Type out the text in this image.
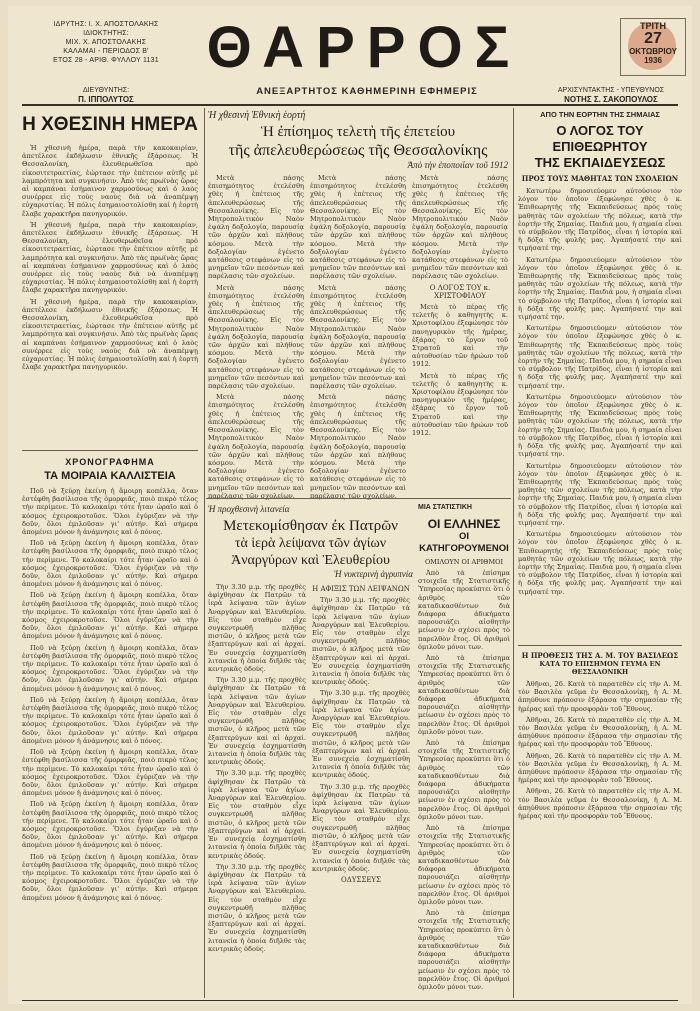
ΙΔΡΥΤΗΣ: Ι. Χ. ΑΠΟΣΤΟΛΑΚΗΣ
ΙΔΙΟΚΤΗΤΗΣ:
ΜΙΧ. Χ. ΑΠΟΣΤΟΛΑΚΗΣ
ΚΑΛΑΜΑΙ - ΠΕΡΙΟΔΟΣ Β'
ΕΤΟΣ 28 - ΑΡΙΘ. ΦΥΛΛΟΥ 1131 ΘΑΡΡΟΣ	ΤΡΙΤΗ
27
ΟΚΤΩΒΡΙΟΥ
1936
ΔΙΕΥΘΥΝΤΗΣ:
Π. ΙΠΠΟΛΥΤΟΣ
ΑΝΕΞΑΡΤΗΤΟΣ ΚΑΘΗΜΕΡΙΝΗ ΕΦΗΜΕΡΙΣ	ΑΡΧΙΣΥΝΤΑΚΤΗΣ - ΥΠΕΥΘΥΝΟΣ
ΝΟΤΗΣ Σ. ΣΑΚΟΠΟΥΛΟΣ
Η ΧΘΕΣΙΝΗ ΗΜΕΡΑ

Ἡ χθεσινὴ ἡμέρα, παρὰ τὴν κακοκαιρίαν, ἀπετέλεσε ἐκδήλωσιν ἐθνικῆς ἐξάρσεως. Ἡ Θεσσαλονίκη, ἐλευθερωθεῖσα πρὸ εἰκοσιτετραετίας, ἑώρτασε τὴν ἐπέτειον αὐτῆς μὲ λαμπρότητα καὶ συγκινήσιν. Ἀπὸ τὰς πρωϊνὰς ὥρας αἱ καμπάναι ἐσήμαινον χαρμοσύνως καὶ ὁ λαὸς συνέρρεε εἰς τοὺς ναοὺς διὰ νὰ ἀναπέμψῃ εὐχαριστίας. Ἡ πόλις ἐσημαιοστολίσθη καὶ ἡ ἑορτὴ ἔλαβε χαρακτῆρα πανηγυρικόν.

Ἡ χθεσινὴ ἡμέρα, παρὰ τὴν κακοκαιρίαν, ἀπετέλεσε ἐκδήλωσιν ἐθνικῆς ἐξάρσεως. Ἡ Θεσσαλονίκη, ἐλευθερωθεῖσα πρὸ εἰκοσιτετραετίας, ἑώρτασε τὴν ἐπέτειον αὐτῆς μὲ λαμπρότητα καὶ συγκινήσιν. Ἀπὸ τὰς πρωϊνὰς ὥρας αἱ καμπάναι ἐσήμαινον χαρμοσύνως καὶ ὁ λαὸς συνέρρεε εἰς τοὺς ναοὺς διὰ νὰ ἀναπέμψῃ εὐχαριστίας. Ἡ πόλις ἐσημαιοστολίσθη καὶ ἡ ἑορτὴ ἔλαβε χαρακτῆρα πανηγυρικόν.

Ἡ χθεσινὴ ἡμέρα, παρὰ τὴν κακοκαιρίαν, ἀπετέλεσε ἐκδήλωσιν ἐθνικῆς ἐξάρσεως. Ἡ Θεσσαλονίκη, ἐλευθερωθεῖσα πρὸ εἰκοσιτετραετίας, ἑώρτασε τὴν ἐπέτειον αὐτῆς μὲ λαμπρότητα καὶ συγκινήσιν. Ἀπὸ τὰς πρωϊνὰς ὥρας αἱ καμπάναι ἐσήμαινον χαρμοσύνως καὶ ὁ λαὸς συνέρρεε εἰς τοὺς ναοὺς διὰ νὰ ἀναπέμψῃ εὐχαριστίας. Ἡ πόλις ἐσημαιοστολίσθη καὶ ἡ ἑορτὴ ἔλαβε χαρακτῆρα πανηγυρικόν.

ΧΡΟΝΟΓΡΑΦΗΜΑ
ΤΑ ΜΟΙΡΑΙΑ ΚΑΛΛΙΣΤΕΙΑ

Ποῦ νὰ ξεύρῃ ἐκείνη ἡ ἄμοιρη κοπέλλα, ὅταν ἐστέφθη βασίλισσα τῆς ὀμορφιᾶς, ποιὸ πικρὸ τέλος τὴν περίμενε. Τὸ καλοκαίρι τότε ἦταν ὡραῖο καὶ ὁ κόσμος ἐχειροκροτοῦσε. Ὅλοι ἐγύριζαν νὰ τὴν δοῦν, ὅλοι ἐμιλοῦσαν γι' αὐτήν. Καὶ σήμερα ἀπομένει μόνον ἡ ἀνάμνησις καὶ ὁ πόνος.

Ποῦ νὰ ξεύρῃ ἐκείνη ἡ ἄμοιρη κοπέλλα, ὅταν ἐστέφθη βασίλισσα τῆς ὀμορφιᾶς, ποιὸ πικρὸ τέλος τὴν περίμενε. Τὸ καλοκαίρι τότε ἦταν ὡραῖο καὶ ὁ κόσμος ἐχειροκροτοῦσε. Ὅλοι ἐγύριζαν νὰ τὴν δοῦν, ὅλοι ἐμιλοῦσαν γι' αὐτήν. Καὶ σήμερα ἀπομένει μόνον ἡ ἀνάμνησις καὶ ὁ πόνος.

Ποῦ νὰ ξεύρῃ ἐκείνη ἡ ἄμοιρη κοπέλλα, ὅταν ἐστέφθη βασίλισσα τῆς ὀμορφιᾶς, ποιὸ πικρὸ τέλος τὴν περίμενε. Τὸ καλοκαίρι τότε ἦταν ὡραῖο καὶ ὁ κόσμος ἐχειροκροτοῦσε. Ὅλοι ἐγύριζαν νὰ τὴν δοῦν, ὅλοι ἐμιλοῦσαν γι' αὐτήν. Καὶ σήμερα ἀπομένει μόνον ἡ ἀνάμνησις καὶ ὁ πόνος.

Ποῦ νὰ ξεύρῃ ἐκείνη ἡ ἄμοιρη κοπέλλα, ὅταν ἐστέφθη βασίλισσα τῆς ὀμορφιᾶς, ποιὸ πικρὸ τέλος τὴν περίμενε. Τὸ καλοκαίρι τότε ἦταν ὡραῖο καὶ ὁ κόσμος ἐχειροκροτοῦσε. Ὅλοι ἐγύριζαν νὰ τὴν δοῦν, ὅλοι ἐμιλοῦσαν γι' αὐτήν. Καὶ σήμερα ἀπομένει μόνον ἡ ἀνάμνησις καὶ ὁ πόνος.

Ποῦ νὰ ξεύρῃ ἐκείνη ἡ ἄμοιρη κοπέλλα, ὅταν ἐστέφθη βασίλισσα τῆς ὀμορφιᾶς, ποιὸ πικρὸ τέλος τὴν περίμενε. Τὸ καλοκαίρι τότε ἦταν ὡραῖο καὶ ὁ κόσμος ἐχειροκροτοῦσε. Ὅλοι ἐγύριζαν νὰ τὴν δοῦν, ὅλοι ἐμιλοῦσαν γι' αὐτήν. Καὶ σήμερα ἀπομένει μόνον ἡ ἀνάμνησις καὶ ὁ πόνος.

Ποῦ νὰ ξεύρῃ ἐκείνη ἡ ἄμοιρη κοπέλλα, ὅταν ἐστέφθη βασίλισσα τῆς ὀμορφιᾶς, ποιὸ πικρὸ τέλος τὴν περίμενε. Τὸ καλοκαίρι τότε ἦταν ὡραῖο καὶ ὁ κόσμος ἐχειροκροτοῦσε. Ὅλοι ἐγύριζαν νὰ τὴν δοῦν, ὅλοι ἐμιλοῦσαν γι' αὐτήν. Καὶ σήμερα ἀπομένει μόνον ἡ ἀνάμνησις καὶ ὁ πόνος.

Ποῦ νὰ ξεύρῃ ἐκείνη ἡ ἄμοιρη κοπέλλα, ὅταν ἐστέφθη βασίλισσα τῆς ὀμορφιᾶς, ποιὸ πικρὸ τέλος τὴν περίμενε. Τὸ καλοκαίρι τότε ἦταν ὡραῖο καὶ ὁ κόσμος ἐχειροκροτοῦσε. Ὅλοι ἐγύριζαν νὰ τὴν δοῦν, ὅλοι ἐμιλοῦσαν γι' αὐτήν. Καὶ σήμερα ἀπομένει μόνον ἡ ἀνάμνησις καὶ ὁ πόνος.

Ποῦ νὰ ξεύρῃ ἐκείνη ἡ ἄμοιρη κοπέλλα, ὅταν ἐστέφθη βασίλισσα τῆς ὀμορφιᾶς, ποιὸ πικρὸ τέλος τὴν περίμενε. Τὸ καλοκαίρι τότε ἦταν ὡραῖο καὶ ὁ κόσμος ἐχειροκροτοῦσε. Ὅλοι ἐγύριζαν νὰ τὴν δοῦν, ὅλοι ἐμιλοῦσαν γι' αὐτήν. Καὶ σήμερα ἀπομένει μόνον ἡ ἀνάμνησις καὶ ὁ πόνος.

Ἡ χθεσινὴ Ἐθνικὴ ἑορτή
Ἡ ἐπίσημος τελετὴ τῆς ἐπετείου
τῆς ἀπελευθερώσεως τῆς Θεσσαλονίκης
Ἀπὸ τὴν ἐποποιΐαν τοῦ 1912

Μετὰ πάσης ἐπισημότητος ἐτελέσθη χθὲς ἡ ἐπέτειος τῆς ἀπελευθερώσεως τῆς Θεσσαλονίκης. Εἰς τὸν Μητροπολιτικὸν Ναὸν ἐψάλη δοξολογία, παρουσίᾳ τῶν ἀρχῶν καὶ πλήθους κόσμου. Μετὰ τὴν δοξολογίαν ἐγένετο κατάθεσις στεφάνων εἰς τὸ μνημεῖον τῶν πεσόντων καὶ παρέλασις τῶν σχολείων.

Μετὰ πάσης ἐπισημότητος ἐτελέσθη χθὲς ἡ ἐπέτειος τῆς ἀπελευθερώσεως τῆς Θεσσαλονίκης. Εἰς τὸν Μητροπολιτικὸν Ναὸν ἐψάλη δοξολογία, παρουσίᾳ τῶν ἀρχῶν καὶ πλήθους κόσμου. Μετὰ τὴν δοξολογίαν ἐγένετο κατάθεσις στεφάνων εἰς τὸ μνημεῖον τῶν πεσόντων καὶ παρέλασις τῶν σχολείων.

Μετὰ πάσης ἐπισημότητος ἐτελέσθη χθὲς ἡ ἐπέτειος τῆς ἀπελευθερώσεως τῆς Θεσσαλονίκης. Εἰς τὸν Μητροπολιτικὸν Ναὸν ἐψάλη δοξολογία, παρουσίᾳ τῶν ἀρχῶν καὶ πλήθους κόσμου. Μετὰ τὴν δοξολογίαν ἐγένετο κατάθεσις στεφάνων εἰς τὸ μνημεῖον τῶν πεσόντων καὶ παρέλασις τῶν σχολείων.

Μετὰ πάσης ἐπισημότητος ἐτελέσθη χθὲς ἡ ἐπέτειος τῆς ἀπελευθερώσεως τῆς Θεσσαλονίκης. Εἰς τὸν Μητροπολιτικὸν Ναὸν ἐψάλη δοξολογία, παρουσίᾳ τῶν ἀρχῶν καὶ πλήθους κόσμου. Μετὰ τὴν δοξολογίαν ἐγένετο κατάθεσις στεφάνων εἰς τὸ μνημεῖον τῶν πεσόντων καὶ παρέλασις τῶν σχολείων.

Μετὰ πάσης ἐπισημότητος ἐτελέσθη χθὲς ἡ ἐπέτειος τῆς ἀπελευθερώσεως τῆς Θεσσαλονίκης. Εἰς τὸν Μητροπολιτικὸν Ναὸν ἐψάλη δοξολογία, παρουσίᾳ τῶν ἀρχῶν καὶ πλήθους κόσμου. Μετὰ τὴν δοξολογίαν ἐγένετο κατάθεσις στεφάνων εἰς τὸ μνημεῖον τῶν πεσόντων καὶ παρέλασις τῶν σχολείων.

Μετὰ πάσης ἐπισημότητος ἐτελέσθη χθὲς ἡ ἐπέτειος τῆς ἀπελευθερώσεως τῆς Θεσσαλονίκης. Εἰς τὸν Μητροπολιτικὸν Ναὸν ἐψάλη δοξολογία, παρουσίᾳ τῶν ἀρχῶν καὶ πλήθους κόσμου. Μετὰ τὴν δοξολογίαν ἐγένετο κατάθεσις στεφάνων εἰς τὸ μνημεῖον τῶν πεσόντων καὶ παρέλασις τῶν σχολείων.

Μετὰ πάσης ἐπισημότητος ἐτελέσθη χθὲς ἡ ἐπέτειος τῆς ἀπελευθερώσεως τῆς Θεσσαλονίκης. Εἰς τὸν Μητροπολιτικὸν Ναὸν ἐψάλη δοξολογία, παρουσίᾳ τῶν ἀρχῶν καὶ πλήθους κόσμου. Μετὰ τὴν δοξολογίαν ἐγένετο κατάθεσις στεφάνων εἰς τὸ μνημεῖον τῶν πεσόντων καὶ παρέλασις τῶν σχολείων.

Ο ΛΟΓΟΣ ΤΟΥ κ. ΧΡΙΣΤΟΦΙΛΟΥ

Μετὰ τὸ πέρας τῆς τελετῆς ὁ καθηγητὴς κ. Χριστοφίλου ἐξεφώνησε τὸν πανηγυρικὸν τῆς ἡμέρας, ἐξάρας τὸ ἔργον τοῦ Στρατοῦ καὶ τὴν αὐτοθυσίαν τῶν ἡρώων τοῦ 1912.

Μετὰ τὸ πέρας τῆς τελετῆς ὁ καθηγητὴς κ. Χριστοφίλου ἐξεφώνησε τὸν πανηγυρικὸν τῆς ἡμέρας, ἐξάρας τὸ ἔργον τοῦ Στρατοῦ καὶ τὴν αὐτοθυσίαν τῶν ἡρώων τοῦ 1912.

Ἡ προχθεσινὴ λιτανεία
Μετεκομίσθησαν ἐκ Πατρῶν
τὰ ἱερὰ λείψανα τῶν ἁγίων
Ἀναργύρων καὶ Ἐλευθερίου
Ἡ νυκτερινὴ ἀγρυπνία

Τὴν 3.30 μ.μ. τῆς προχθὲς ἀφίχθησαν ἐκ Πατρῶν τὰ ἱερὰ λείψανα τῶν ἁγίων Ἀναργύρων καὶ Ἐλευθερίου. Εἰς τὸν σταθμὸν εἶχε συγκεντρωθῆ πλῆθος πιστῶν, ὁ κλῆρος μετὰ τῶν ἑξαπτερύγων καὶ αἱ ἀρχαί. Ἐν συνεχείᾳ ἐσχηματίσθη λιτανεία ἡ ὁποία διῆλθε τὰς κεντρικὰς ὁδούς.

Τὴν 3.30 μ.μ. τῆς προχθὲς ἀφίχθησαν ἐκ Πατρῶν τὰ ἱερὰ λείψανα τῶν ἁγίων Ἀναργύρων καὶ Ἐλευθερίου. Εἰς τὸν σταθμὸν εἶχε συγκεντρωθῆ πλῆθος πιστῶν, ὁ κλῆρος μετὰ τῶν ἑξαπτερύγων καὶ αἱ ἀρχαί. Ἐν συνεχείᾳ ἐσχηματίσθη λιτανεία ἡ ὁποία διῆλθε τὰς κεντρικὰς ὁδούς.

Τὴν 3.30 μ.μ. τῆς προχθὲς ἀφίχθησαν ἐκ Πατρῶν τὰ ἱερὰ λείψανα τῶν ἁγίων Ἀναργύρων καὶ Ἐλευθερίου. Εἰς τὸν σταθμὸν εἶχε συγκεντρωθῆ πλῆθος πιστῶν, ὁ κλῆρος μετὰ τῶν ἑξαπτερύγων καὶ αἱ ἀρχαί. Ἐν συνεχείᾳ ἐσχηματίσθη λιτανεία ἡ ὁποία διῆλθε τὰς κεντρικὰς ὁδούς.

Τὴν 3.30 μ.μ. τῆς προχθὲς ἀφίχθησαν ἐκ Πατρῶν τὰ ἱερὰ λείψανα τῶν ἁγίων Ἀναργύρων καὶ Ἐλευθερίου. Εἰς τὸν σταθμὸν εἶχε συγκεντρωθῆ πλῆθος πιστῶν, ὁ κλῆρος μετὰ τῶν ἑξαπτερύγων καὶ αἱ ἀρχαί. Ἐν συνεχείᾳ ἐσχηματίσθη λιτανεία ἡ ὁποία διῆλθε τὰς κεντρικὰς ὁδούς.

Η ΑΦΙΞΙΣ ΤΩΝ ΛΕΙΨΑΝΩΝ

Τὴν 3.30 μ.μ. τῆς προχθὲς ἀφίχθησαν ἐκ Πατρῶν τὰ ἱερὰ λείψανα τῶν ἁγίων Ἀναργύρων καὶ Ἐλευθερίου. Εἰς τὸν σταθμὸν εἶχε συγκεντρωθῆ πλῆθος πιστῶν, ὁ κλῆρος μετὰ τῶν ἑξαπτερύγων καὶ αἱ ἀρχαί. Ἐν συνεχείᾳ ἐσχηματίσθη λιτανεία ἡ ὁποία διῆλθε τὰς κεντρικὰς ὁδούς.

Τὴν 3.30 μ.μ. τῆς προχθὲς ἀφίχθησαν ἐκ Πατρῶν τὰ ἱερὰ λείψανα τῶν ἁγίων Ἀναργύρων καὶ Ἐλευθερίου. Εἰς τὸν σταθμὸν εἶχε συγκεντρωθῆ πλῆθος πιστῶν, ὁ κλῆρος μετὰ τῶν ἑξαπτερύγων καὶ αἱ ἀρχαί. Ἐν συνεχείᾳ ἐσχηματίσθη λιτανεία ἡ ὁποία διῆλθε τὰς κεντρικὰς ὁδούς.

Τὴν 3.30 μ.μ. τῆς προχθὲς ἀφίχθησαν ἐκ Πατρῶν τὰ ἱερὰ λείψανα τῶν ἁγίων Ἀναργύρων καὶ Ἐλευθερίου. Εἰς τὸν σταθμὸν εἶχε συγκεντρωθῆ πλῆθος πιστῶν, ὁ κλῆρος μετὰ τῶν ἑξαπτερύγων καὶ αἱ ἀρχαί. Ἐν συνεχείᾳ ἐσχηματίσθη λιτανεία ἡ ὁποία διῆλθε τὰς κεντρικὰς ὁδούς.

ΟΔΥΣΣΕΥΣ
ΜΙΑ ΣΤΑΤΙΣΤΙΚΗ
ΟΙ ΕΛΛΗΝΕΣ
ΟΙ ΚΑΤΗΓΟΡΟΥΜΕΝΟΙ
ΟΜΙΛΟΥΝ ΟΙ ΑΡΙΘΜΟΙ

Ἀπὸ τὰ ἐπίσημα στοιχεῖα τῆς Στατιστικῆς Ὑπηρεσίας προκύπτει ὅτι ὁ ἀριθμὸς τῶν καταδικασθέντων διὰ διάφορα ἀδικήματα παρουσιάζει αἰσθητὴν μείωσιν ἐν σχέσει πρὸς τὸ παρελθὸν ἔτος. Οἱ ἀριθμοὶ ὁμιλοῦν μόνοι των.

Ἀπὸ τὰ ἐπίσημα στοιχεῖα τῆς Στατιστικῆς Ὑπηρεσίας προκύπτει ὅτι ὁ ἀριθμὸς τῶν καταδικασθέντων διὰ διάφορα ἀδικήματα παρουσιάζει αἰσθητὴν μείωσιν ἐν σχέσει πρὸς τὸ παρελθὸν ἔτος. Οἱ ἀριθμοὶ ὁμιλοῦν μόνοι των.

Ἀπὸ τὰ ἐπίσημα στοιχεῖα τῆς Στατιστικῆς Ὑπηρεσίας προκύπτει ὅτι ὁ ἀριθμὸς τῶν καταδικασθέντων διὰ διάφορα ἀδικήματα παρουσιάζει αἰσθητὴν μείωσιν ἐν σχέσει πρὸς τὸ παρελθὸν ἔτος. Οἱ ἀριθμοὶ ὁμιλοῦν μόνοι των.

Ἀπὸ τὰ ἐπίσημα στοιχεῖα τῆς Στατιστικῆς Ὑπηρεσίας προκύπτει ὅτι ὁ ἀριθμὸς τῶν καταδικασθέντων διὰ διάφορα ἀδικήματα παρουσιάζει αἰσθητὴν μείωσιν ἐν σχέσει πρὸς τὸ παρελθὸν ἔτος. Οἱ ἀριθμοὶ ὁμιλοῦν μόνοι των.

Ἀπὸ τὰ ἐπίσημα στοιχεῖα τῆς Στατιστικῆς Ὑπηρεσίας προκύπτει ὅτι ὁ ἀριθμὸς τῶν καταδικασθέντων διὰ διάφορα ἀδικήματα παρουσιάζει αἰσθητὴν μείωσιν ἐν σχέσει πρὸς τὸ παρελθὸν ἔτος. Οἱ ἀριθμοὶ ὁμιλοῦν μόνοι των.

ΑΠΟ ΤΗΝ ΕΟΡΤΗΝ ΤΗΣ ΣΗΜΑΙΑΣ
Ο ΛΟΓΟΣ ΤΟΥ ΕΠΙΘΕΩΡΗΤΟΥ
ΤΗΣ ΕΚΠΑΙΔΕΥΣΕΩΣ
ΠΡΟΣ ΤΟΥΣ ΜΑΘΗΤΑΣ ΤΩΝ ΣΧΟΛΕΙΩΝ

Κατωτέρω δημοσιεύομεν αὐτούσιον τὸν λόγον τὸν ὁποῖον ἐξεφώνησε χθὲς ὁ κ. Ἐπιθεωρητὴς τῆς Ἐκπαιδεύσεως πρὸς τοὺς μαθητὰς τῶν σχολείων τῆς πόλεως, κατὰ τὴν ἑορτὴν τῆς Σημαίας. Παιδιά μου, ἡ σημαία εἶναι τὸ σύμβολον τῆς Πατρίδος, εἶναι ἡ ἱστορία καὶ ἡ δόξα τῆς φυλῆς μας. Ἀγαπήσατέ την καὶ τιμήσατέ την.

Κατωτέρω δημοσιεύομεν αὐτούσιον τὸν λόγον τὸν ὁποῖον ἐξεφώνησε χθὲς ὁ κ. Ἐπιθεωρητὴς τῆς Ἐκπαιδεύσεως πρὸς τοὺς μαθητὰς τῶν σχολείων τῆς πόλεως, κατὰ τὴν ἑορτὴν τῆς Σημαίας. Παιδιά μου, ἡ σημαία εἶναι τὸ σύμβολον τῆς Πατρίδος, εἶναι ἡ ἱστορία καὶ ἡ δόξα τῆς φυλῆς μας. Ἀγαπήσατέ την καὶ τιμήσατέ την.

Κατωτέρω δημοσιεύομεν αὐτούσιον τὸν λόγον τὸν ὁποῖον ἐξεφώνησε χθὲς ὁ κ. Ἐπιθεωρητὴς τῆς Ἐκπαιδεύσεως πρὸς τοὺς μαθητὰς τῶν σχολείων τῆς πόλεως, κατὰ τὴν ἑορτὴν τῆς Σημαίας. Παιδιά μου, ἡ σημαία εἶναι τὸ σύμβολον τῆς Πατρίδος, εἶναι ἡ ἱστορία καὶ ἡ δόξα τῆς φυλῆς μας. Ἀγαπήσατέ την καὶ τιμήσατέ την.

Κατωτέρω δημοσιεύομεν αὐτούσιον τὸν λόγον τὸν ὁποῖον ἐξεφώνησε χθὲς ὁ κ. Ἐπιθεωρητὴς τῆς Ἐκπαιδεύσεως πρὸς τοὺς μαθητὰς τῶν σχολείων τῆς πόλεως, κατὰ τὴν ἑορτὴν τῆς Σημαίας. Παιδιά μου, ἡ σημαία εἶναι τὸ σύμβολον τῆς Πατρίδος, εἶναι ἡ ἱστορία καὶ ἡ δόξα τῆς φυλῆς μας. Ἀγαπήσατέ την καὶ τιμήσατέ την.

Κατωτέρω δημοσιεύομεν αὐτούσιον τὸν λόγον τὸν ὁποῖον ἐξεφώνησε χθὲς ὁ κ. Ἐπιθεωρητὴς τῆς Ἐκπαιδεύσεως πρὸς τοὺς μαθητὰς τῶν σχολείων τῆς πόλεως, κατὰ τὴν ἑορτὴν τῆς Σημαίας. Παιδιά μου, ἡ σημαία εἶναι τὸ σύμβολον τῆς Πατρίδος, εἶναι ἡ ἱστορία καὶ ἡ δόξα τῆς φυλῆς μας. Ἀγαπήσατέ την καὶ τιμήσατέ την.

Κατωτέρω δημοσιεύομεν αὐτούσιον τὸν λόγον τὸν ὁποῖον ἐξεφώνησε χθὲς ὁ κ. Ἐπιθεωρητὴς τῆς Ἐκπαιδεύσεως πρὸς τοὺς μαθητὰς τῶν σχολείων τῆς πόλεως, κατὰ τὴν ἑορτὴν τῆς Σημαίας. Παιδιά μου, ἡ σημαία εἶναι τὸ σύμβολον τῆς Πατρίδος, εἶναι ἡ ἱστορία καὶ ἡ δόξα τῆς φυλῆς μας. Ἀγαπήσατέ την καὶ τιμήσατέ την.

Η ΠΡΟΘΕΣΙΣ ΤΗΣ Α. Μ. ΤΟΥ ΒΑΣΙΛΕΩΣ
ΚΑΤΑ ΤΟ ΕΠΙΣΗΜΟΝ ΓΕΥΜΑ ΕΝ ΘΕΣΣΑΛΟΝΙΚΗ

Ἀθῆναι, 26. Κατὰ τὸ παρατεθὲν εἰς τὴν Α. Μ. τὸν Βασιλέα γεῦμα ἐν Θεσσαλονίκῃ, ἡ Α. Μ. ἀπηύθυνε πρόποσιν ἐξάρασα τὴν σημασίαν τῆς ἡμέρας καὶ τὴν προσφορὰν τοῦ Ἔθνους.

Ἀθῆναι, 26. Κατὰ τὸ παρατεθὲν εἰς τὴν Α. Μ. τὸν Βασιλέα γεῦμα ἐν Θεσσαλονίκῃ, ἡ Α. Μ. ἀπηύθυνε πρόποσιν ἐξάρασα τὴν σημασίαν τῆς ἡμέρας καὶ τὴν προσφορὰν τοῦ Ἔθνους.

Ἀθῆναι, 26. Κατὰ τὸ παρατεθὲν εἰς τὴν Α. Μ. τὸν Βασιλέα γεῦμα ἐν Θεσσαλονίκῃ, ἡ Α. Μ. ἀπηύθυνε πρόποσιν ἐξάρασα τὴν σημασίαν τῆς ἡμέρας καὶ τὴν προσφορὰν τοῦ Ἔθνους.

Ἀθῆναι, 26. Κατὰ τὸ παρατεθὲν εἰς τὴν Α. Μ. τὸν Βασιλέα γεῦμα ἐν Θεσσαλονίκῃ, ἡ Α. Μ. ἀπηύθυνε πρόποσιν ἐξάρασα τὴν σημασίαν τῆς ἡμέρας καὶ τὴν προσφορὰν τοῦ Ἔθνους.
